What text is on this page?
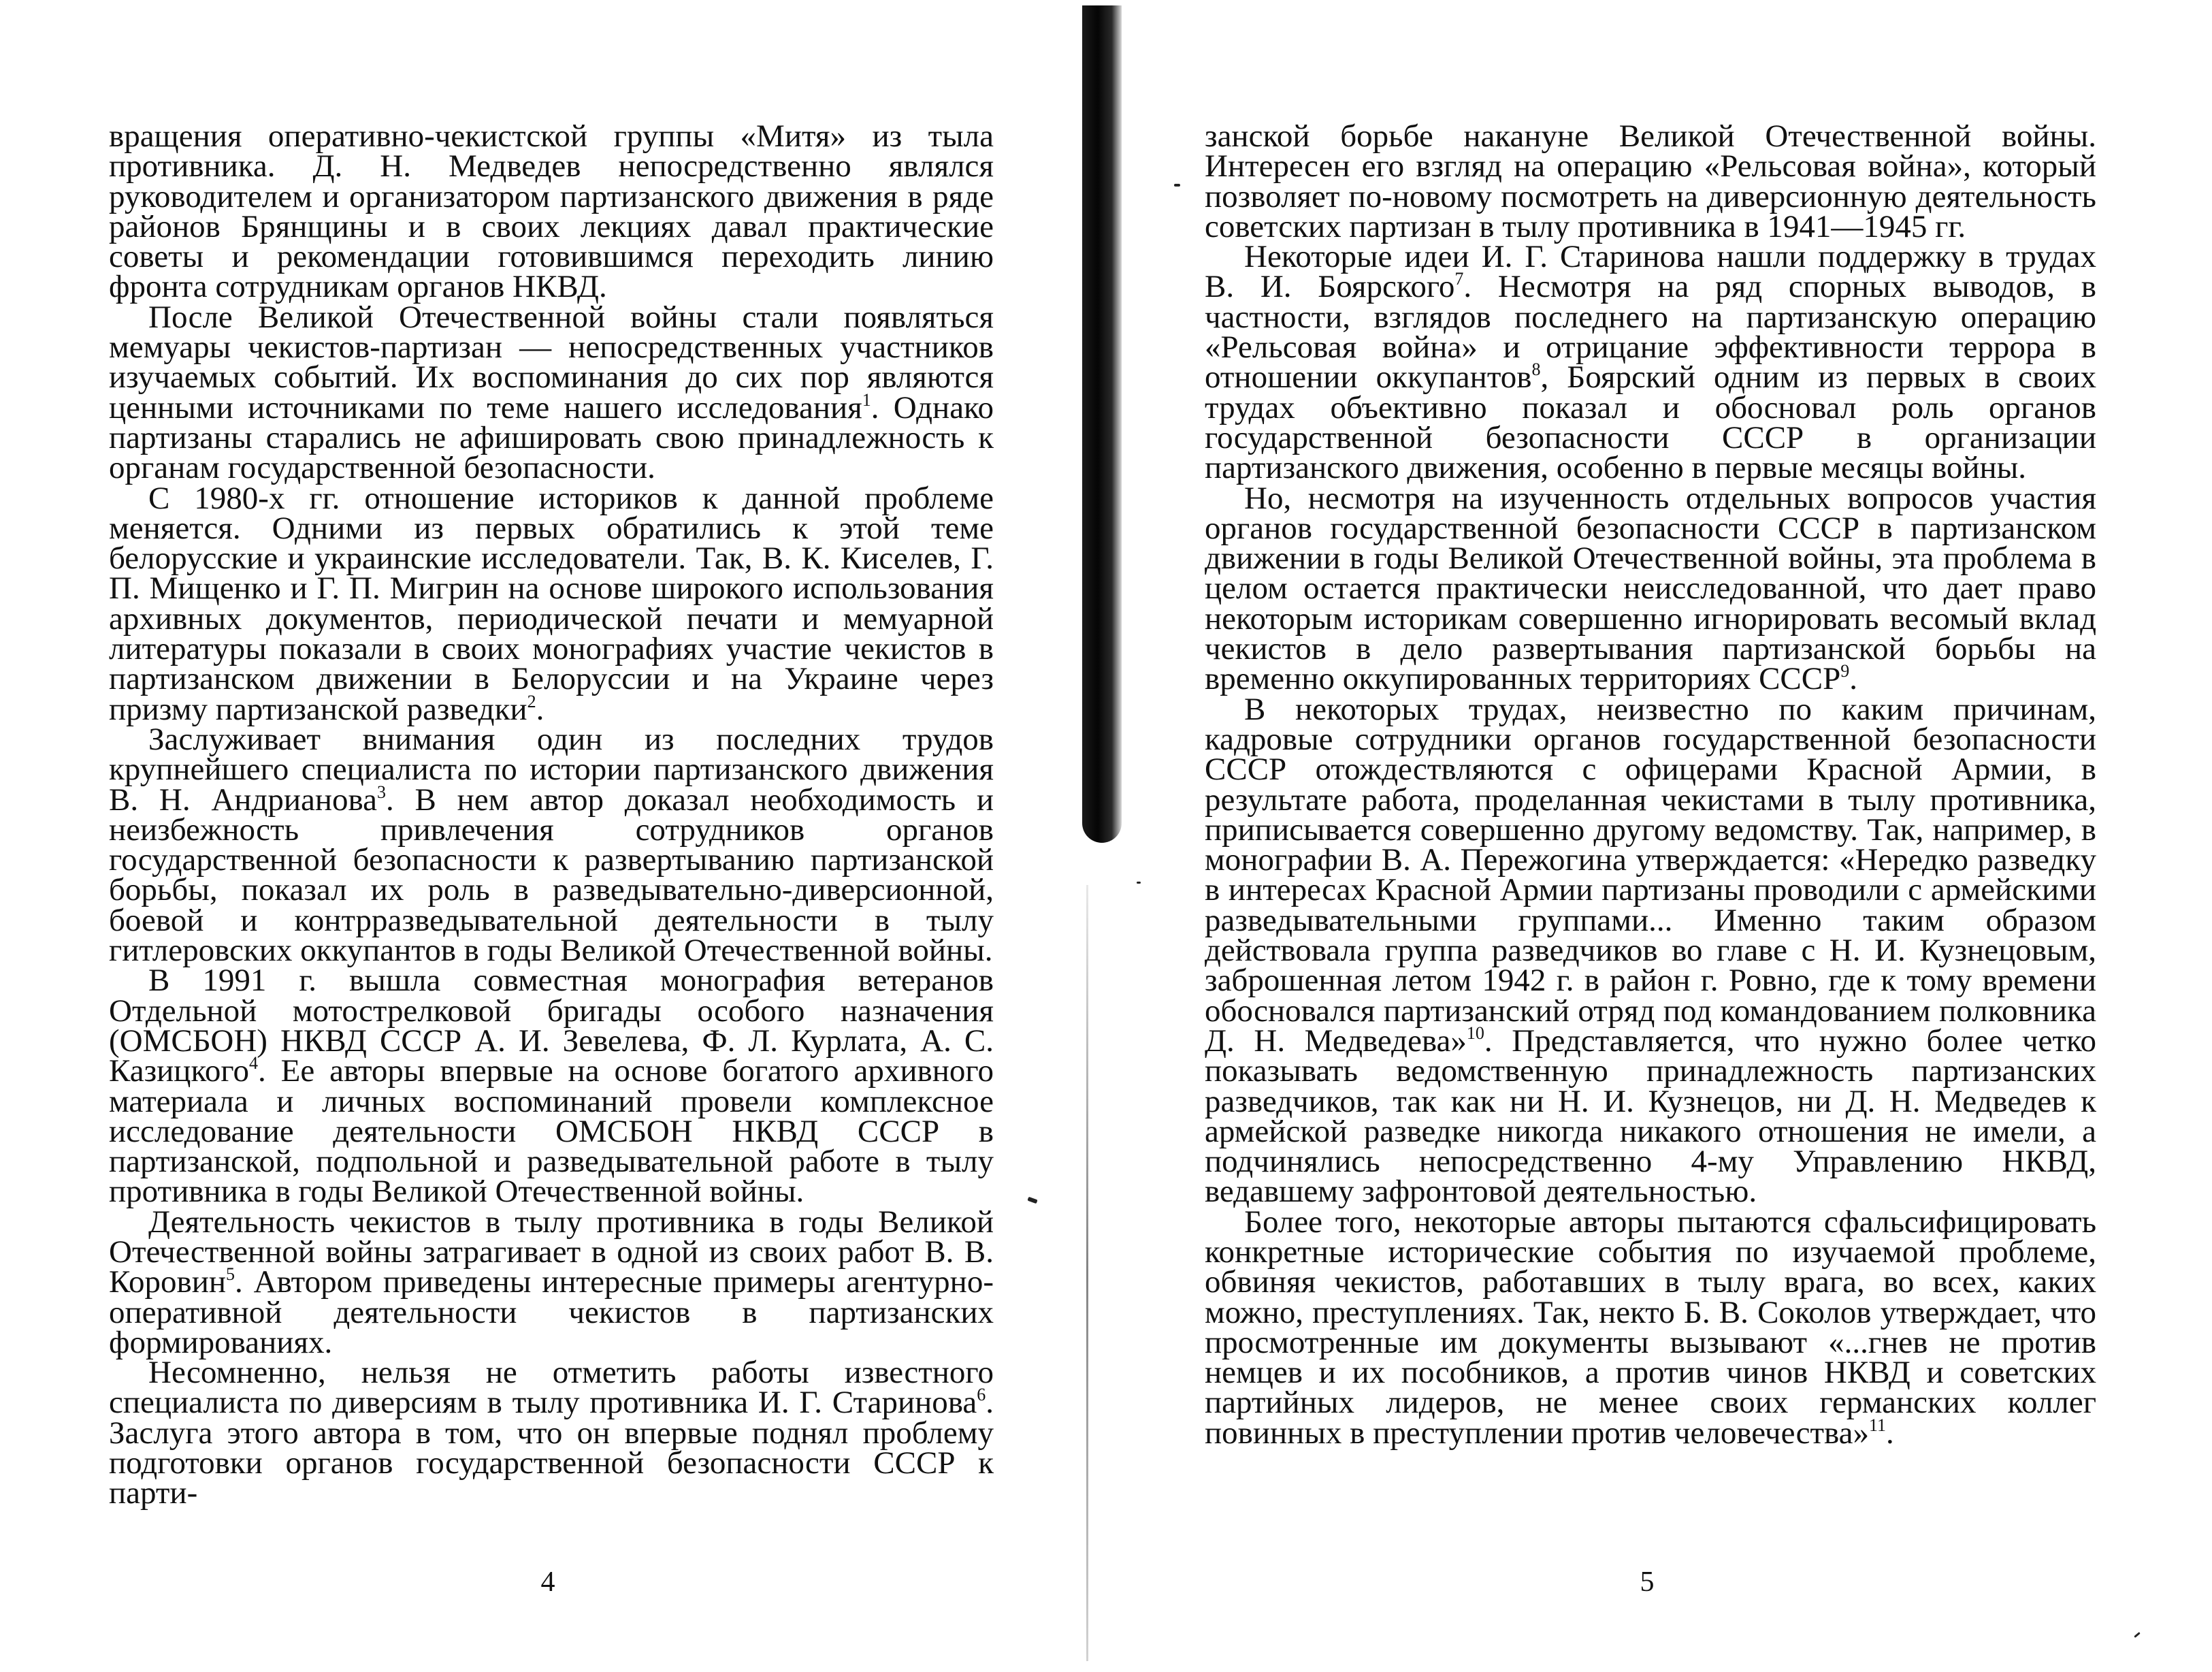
вращения оперативно-чекистской группы «Митя» из тыла противника. Д. Н. Медведев непосредственно являлся руководителем и организатором партизанского движения в ряде районов Брянщины и в своих лекциях давал практические советы и рекомендации готовившимся переходить линию фронта сотрудникам органов НКВД.

После Великой Отечественной войны стали появляться мемуары чекистов-партизан — непосредственных участников изучаемых событий. Их воспоминания до сих пор являются ценными источниками по теме нашего исследования$^1$. Однако партизаны старались не афишировать свою принадлежность к органам государственной безопасности.

С 1980-х гг. отношение историков к данной проблеме меняется. Одними из первых обратились к этой теме белорусские и украинские исследователи. Так, В. К. Киселев, Г. П. Мищенко и Г. П. Мигрин на основе широкого использования архивных документов, периодической печати и мемуарной литературы показали в своих монографиях участие чекистов в партизанском движении в Белоруссии и на Украине через призму партизанской разведки$^2$.

Заслуживает внимания один из последних трудов крупнейшего специалиста по истории партизанского движения В. Н. Андрианова$^3$. В нем автор доказал необходимость и неизбежность привлечения сотрудников органов государственной безопасности к развертыванию партизанской борьбы, показал их роль в разведывательно-диверсионной, боевой и контрразведывательной деятельности в тылу гитлеровских оккупантов в годы Великой Отечественной войны.

В 1991 г. вышла совместная монография ветеранов Отдельной мотострелковой бригады особого назначения (ОМСБОН) НКВД СССР А. И. Зевелева, Ф. Л. Курлата, А. С. Казицкого$^4$. Ее авторы впервые на основе богатого архивного материала и личных воспоминаний провели комплексное исследование деятельности ОМСБОН НКВД СССР в партизанской, подпольной и разведывательной работе в тылу противника в годы Великой Отечественной войны.

Деятельность чекистов в тылу противника в годы Великой Отечественной войны затрагивает в одной из своих работ В. В. Коровин$^5$. Автором приведены интересные примеры агентурно-оперативной деятельности чекистов в партизанских формированиях.

Несомненно, нельзя не отметить работы известного специалиста по диверсиям в тылу противника И. Г. Старинова$^6$. Заслуга этого автора в том, что он впервые поднял проблему подготовки органов государственной безопасности СССР к парти-

4

занской борьбе накануне Великой Отечественной войны. Интересен его взгляд на операцию «Рельсовая война», который позволяет по-новому посмотреть на диверсионную деятельность советских партизан в тылу противника в 1941—1945 гг.

Некоторые идеи И. Г. Старинова нашли поддержку в трудах В. И. Боярского$^7$. Несмотря на ряд спорных выводов, в частности, взглядов последнего на партизанскую операцию «Рельсовая война» и отрицание эффективности террора в отношении оккупантов$^8$, Боярский одним из первых в своих трудах объективно показал и обосновал роль органов государственной безопасности СССР в организации партизанского движения, особенно в первые месяцы войны.

Но, несмотря на изученность отдельных вопросов участия органов государственной безопасности СССР в партизанском движении в годы Великой Отечественной войны, эта проблема в целом остается практически неисследованной, что дает право некоторым историкам совершенно игнорировать весомый вклад чекистов в дело развертывания партизанской борьбы на временно оккупированных территориях СССР$^9$.

В некоторых трудах, неизвестно по каким причинам, кадровые сотрудники органов государственной безопасности СССР отождествляются с офицерами Красной Армии, в результате работа, проделанная чекистами в тылу противника, приписывается совершенно другому ведомству. Так, например, в монографии В. А. Пережогина утверждается: «Нередко разведку в интересах Красной Армии партизаны проводили с армейскими разведывательными группами... Именно таким образом действовала группа разведчиков во главе с Н. И. Кузнецовым, заброшенная летом 1942 г. в район г. Ровно, где к тому времени обосновался партизанский отряд под командованием полковника Д. Н. Медведева»$^{10}$. Представляется, что нужно более четко показывать ведомственную принадлежность партизанских разведчиков, так как ни Н. И. Кузнецов, ни Д. Н. Медведев к армейской разведке никогда никакого отношения не имели, а подчинялись непосредственно 4-му Управлению НКВД, ведавшему зафронтовой деятельностью.

Более того, некоторые авторы пытаются сфальсифицировать конкретные исторические события по изучаемой проблеме, обвиняя чекистов, работавших в тылу врага, во всех, каких можно, преступлениях. Так, некто Б. В. Соколов утверждает, что просмотренные им документы вызывают «...гнев не против немцев и их пособников, а против чинов НКВД и советских партийных лидеров, не менее своих германских коллег повинных в преступлении против человечества»$^{11}$.

5
